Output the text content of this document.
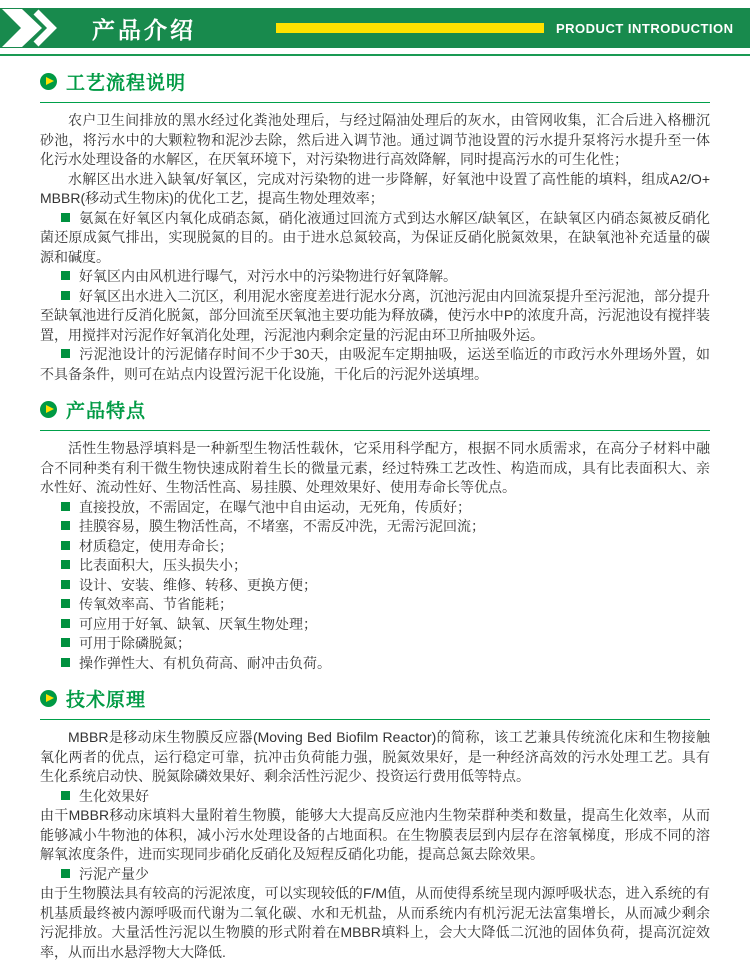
产品介绍	PRODUCT INTRODUCTION
工艺流程说明

农户卫生间排放的黑水经过化粪池处理后，与经过隔油处理后的灰水，由管网收集，汇合后进入格栅沉砂池，将污水中的大颗粒物和泥沙去除，然后进入调节池。通过调节池设置的污水提升泵将污水提升至一体化污水处理设备的水解区，在厌氧环境下，对污染物进行高效降解，同时提高污水的可生化性；

水解区出水进入缺氧/好氧区，完成对污染物的进一步降解，好氧池中设置了高性能的填料，组成A2/O+MBBR(移动式生物床)的优化工艺，提高生物处理效率；

氨氮在好氧区内氧化成硝态氮，硝化液通过回流方式到达水解区/缺氧区，在缺氧区内硝态氮被反硝化菌还原成氮气排出，实现脱氮的目的。由于进水总氮较高，为保证反硝化脱氮效果，在缺氧池补充适量的碳源和碱度。

好氧区内由风机进行曝气，对污水中的污染物进行好氧降解。

好氧区出水进入二沉区，利用泥水密度差进行泥水分离，沉池污泥由内回流泵提升至污泥池，部分提升至缺氧池进行反消化脱氮，部分回流至厌氧池主要功能为释放磷，使污水中P的浓度升高，污泥池设有搅拌装置，用搅拌对污泥作好氧消化处理，污泥池内剩余定量的污泥由环卫所抽吸外运。

污泥池设计的污泥储存时间不少于30天，由吸泥车定期抽吸，运送至临近的市政污水外理场外置，如不具备条件，则可在站点内设置污泥干化设施，干化后的污泥外送填埋。

产品特点

活性生物悬浮填料是一种新型生物活性载休，它采用科学配方，根据不同水质需求，在高分子材料中融合不同种类有利干微生物快速成附着生长的微量元素，经过特殊工艺改性、构造而成，具有比表面积大、亲水性好、流动性好、生物活性高、易挂膜、处理效果好、使用寿命长等优点。

直接投放，不需固定，在曝气池中自由运动，无死角，传质好；

挂膜容易，膜生物活性高，不堵塞，不需反冲洗，无需污泥回流；

材质稳定，使用寿命长；

比表面积大，压头损失小；

设计、安装、维修、转移、更换方便；

传氧效率高、节省能耗；

可应用于好氧、缺氧、厌氧生物处理；

可用于除磷脱氮；

操作弹性大、有机负荷高、耐冲击负荷。

技术原理

MBBR是移动床生物膜反应器(Moving Bed Biofilm Reactor)的简称，该工艺兼具传统流化床和生物接触氧化两者的优点，运行稳定可靠，抗冲击负荷能力强，脱氮效果好，是一种经济高效的污水处理工艺。具有生化系统启动快、脱氮除磷效果好、剩余活性污泥少、投资运行费用低等特点。

生化效果好

由干MBBR移动床填料大量附着生物膜，能够大大提高反应池内生物荣群种类和数量，提高生化效率，从而能够减小牛物池的体积，减小污水处理设备的占地面积。在生物膜表层到内层存在溶氧梯度，形成不同的溶解氧浓度条件，进而实现同步硝化反硝化及短程反硝化功能，提高总氮去除效果。

污泥产量少

由于生物膜法具有较高的污泥浓度，可以实现较低的F/M值，从而使得系统呈现内源呼吸状态，进入系统的有机基质最终被内源呼吸而代谢为二氧化碳、水和无机盐，从而系统内有机污泥无法富集增长，从而减少剩余污泥排放。大量活性污泥以生物膜的形式附着在MBBR填料上，会大大降低二沉池的固体负荷，提高沉淀效率，从而出水悬浮物大大降低.
